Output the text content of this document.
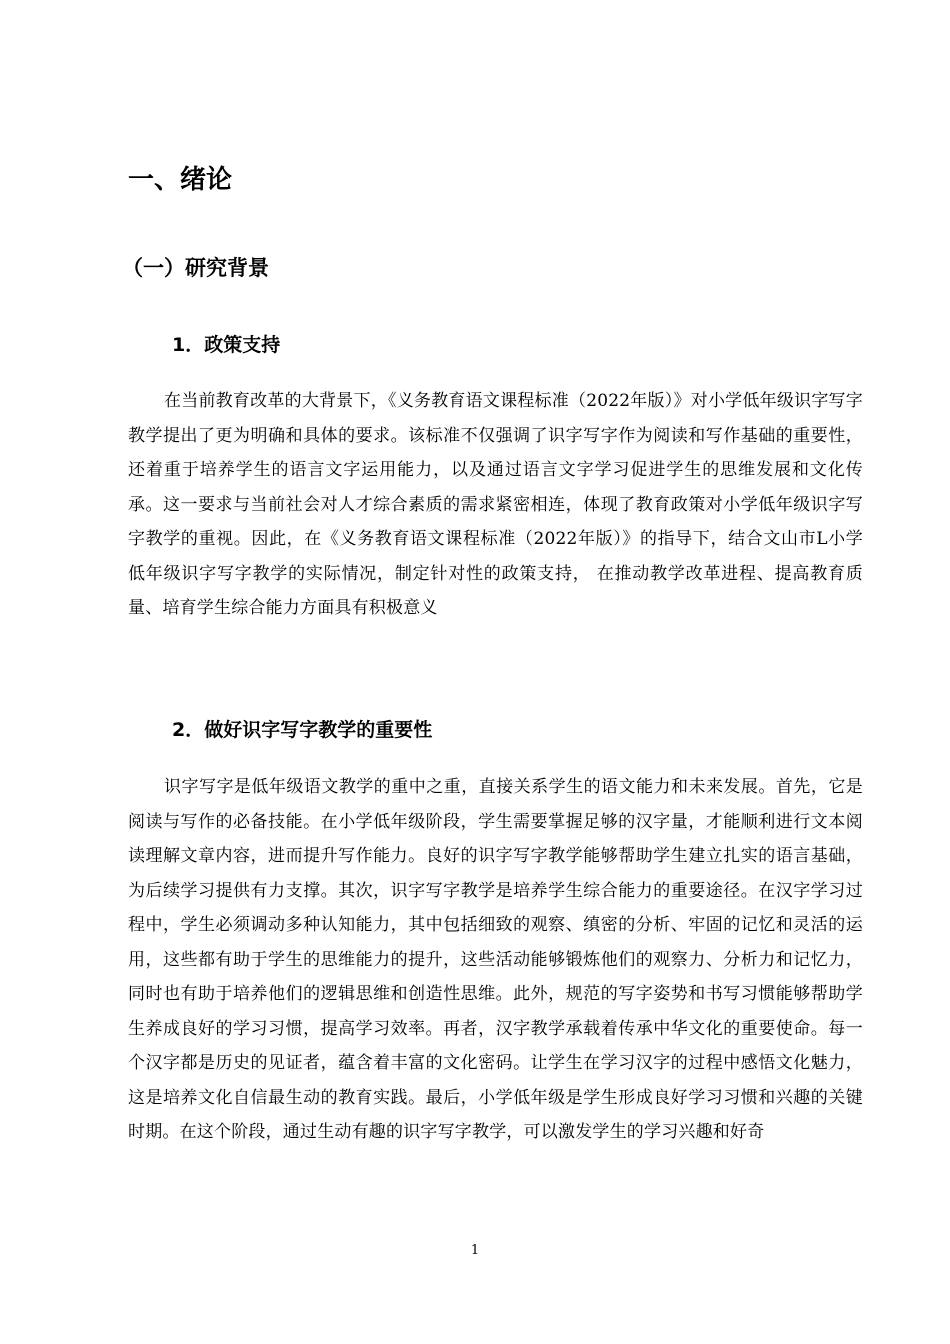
一、绪论
（一）研究背景
1．政策支持

在当前教育改革的大背景下，《义务教育语文课程标准（2022年版）》对小学低年级识字写字教学提出了更为明确和具体的要求。该标准不仅强调了识字写字作为阅读和写作基础的重要性，还着重于培养学生的语言文字运用能力，以及通过语言文字学习促进学生的思维发展和文化传承。这一要求与当前社会对人才综合素质的需求紧密相连，体现了教育政策对小学低年级识字写字教学的重视。因此，在《义务教育语文课程标准（2022年版）》的指导下，结合文山市L小学低年级识字写字教学的实际情况，制定针对性的政策支持， 在推动教学改革进程、提高教育质量、培育学生综合能力方面具有积极意义

2．做好识字写字教学的重要性

识字写字是低年级语文教学的重中之重，直接关系学生的语文能力和未来发展。首先，它是阅读与写作的必备技能。在小学低年级阶段，学生需要掌握足够的汉字量，才能顺利进行文本阅读理解文章内容，进而提升写作能力。良好的识字写字教学能够帮助学生建立扎实的语言基础，为后续学习提供有力支撑。其次，识字写字教学是培养学生综合能力的重要途径。在汉字学习过程中，学生必须调动多种认知能力，其中包括细致的观察、缜密的分析、牢固的记忆和灵活的运用，这些都有助于学生的思维能力的提升，这些活动能够锻炼他们的观察力、分析力和记忆力，同时也有助于培养他们的逻辑思维和创造性思维。此外，规范的写字姿势和书写习惯能够帮助学生养成良好的学习习惯，提高学习效率。再者，汉字教学承载着传承中华文化的重要使命。每一个汉字都是历史的见证者，蕴含着丰富的文化密码。让学生在学习汉字的过程中感悟文化魅力，这是培养文化自信最生动的教育实践。最后，小学低年级是学生形成良好学习习惯和兴趣的关键时期。在这个阶段，通过生动有趣的识字写字教学，可以激发学生的学习兴趣和好奇

1
